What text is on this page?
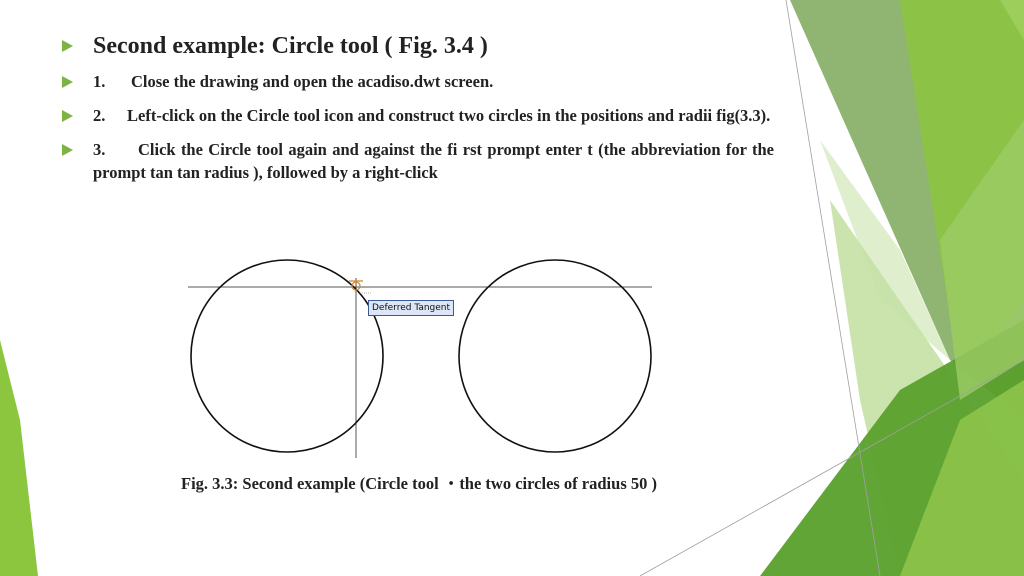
Second example: Circle tool ( Fig. 3.4 )
1. Close the drawing and open the acadiso.dwt screen.
2. Left-click on the Circle tool icon and construct two circles in the positions and radii fig(3.3).
3. Click the Circle tool again and against the fi rst prompt enter t (the abbreviation for the prompt tan tan radius ), followed by a right-click
Deferred Tangent
Fig. 3.3: Second example (Circle tool ・the two circles of radius 50 )
